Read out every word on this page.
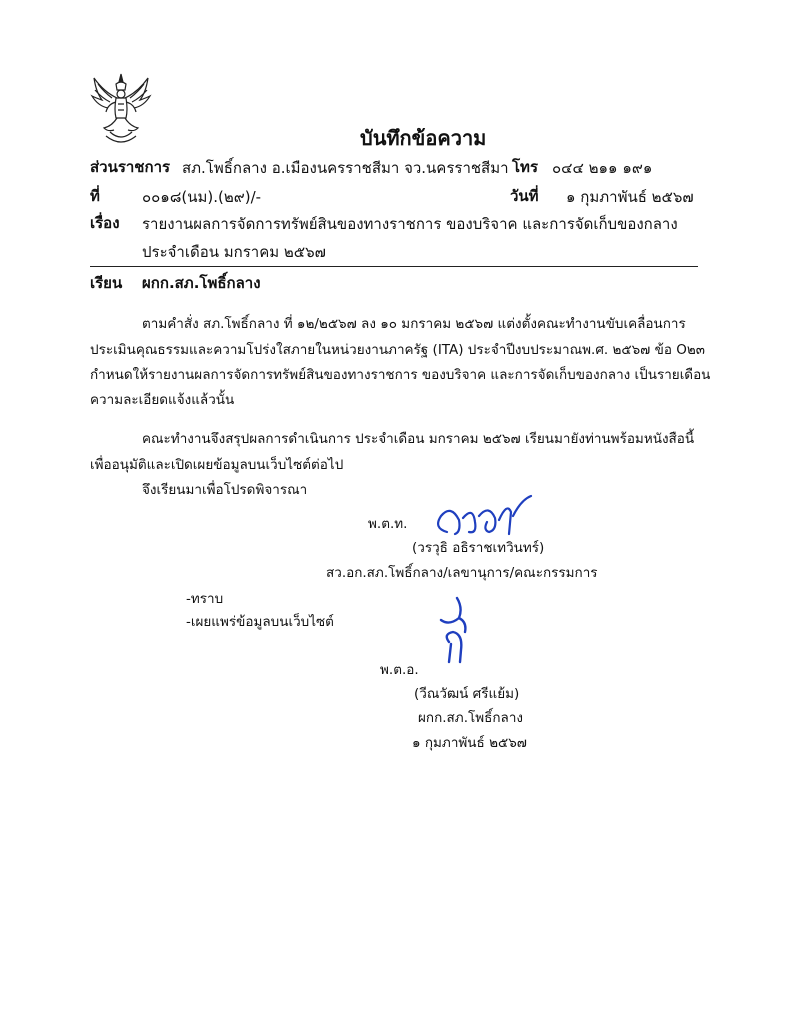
บันทึกข้อความ
ส่วนราชการ สภ.โพธิ์กลาง อ.เมืองนครราชสีมา จว.นครราชสีมา โทร ๐๔๔ ๒๑๑ ๑๙๑
ที่	๐๐๑๘(นม).(๒๙)/-	วันที่ ๑ กุมภาพันธ์ ๒๕๖๗
เรื่อง รายงานผลการจัดการทรัพย์สินของทางราชการ ของบริจาค และการจัดเก็บของกลาง
ประจำเดือน มกราคม ๒๕๖๗
เรียน ผกก.สภ.โพธิ์กลาง
ตามคำสั่ง สภ.โพธิ์กลาง ที่ ๑๒/๒๕๖๗ ลง ๑๐ มกราคม ๒๕๖๗ แต่งตั้งคณะทำงานขับเคลื่อนการ
ประเมินคุณธรรมและความโปร่งใสภายในหน่วยงานภาครัฐ (ITA) ประจำปีงบประมาณพ.ศ. ๒๕๖๗ ข้อ O๒๓
กำหนดให้รายงานผลการจัดการทรัพย์สินของทางราชการ ของบริจาค และการจัดเก็บของกลาง เป็นรายเดือน
ความละเอียดแจ้งแล้วนั้น
คณะทำงานจึงสรุปผลการดำเนินการ ประจำเดือน มกราคม ๒๕๖๗ เรียนมายังท่านพร้อมหนังสือนี้
เพื่ออนุมัติและเปิดเผยข้อมูลบนเว็บไซต์ต่อไป
จึงเรียนมาเพื่อโปรดพิจารณา
พ.ต.ท.
(วรวุธิ อธิราชเทวินทร์)
สว.อก.สภ.โพธิ์กลาง/เลขานุการ/คณะกรรมการ
-ทราบ
-เผยแพร่ข้อมูลบนเว็บไซต์
พ.ต.อ.
(วีณวัฒน์ ศรีแย้ม)
ผกก.สภ.โพธิ์กลาง
๑ กุมภาพันธ์ ๒๕๖๗
